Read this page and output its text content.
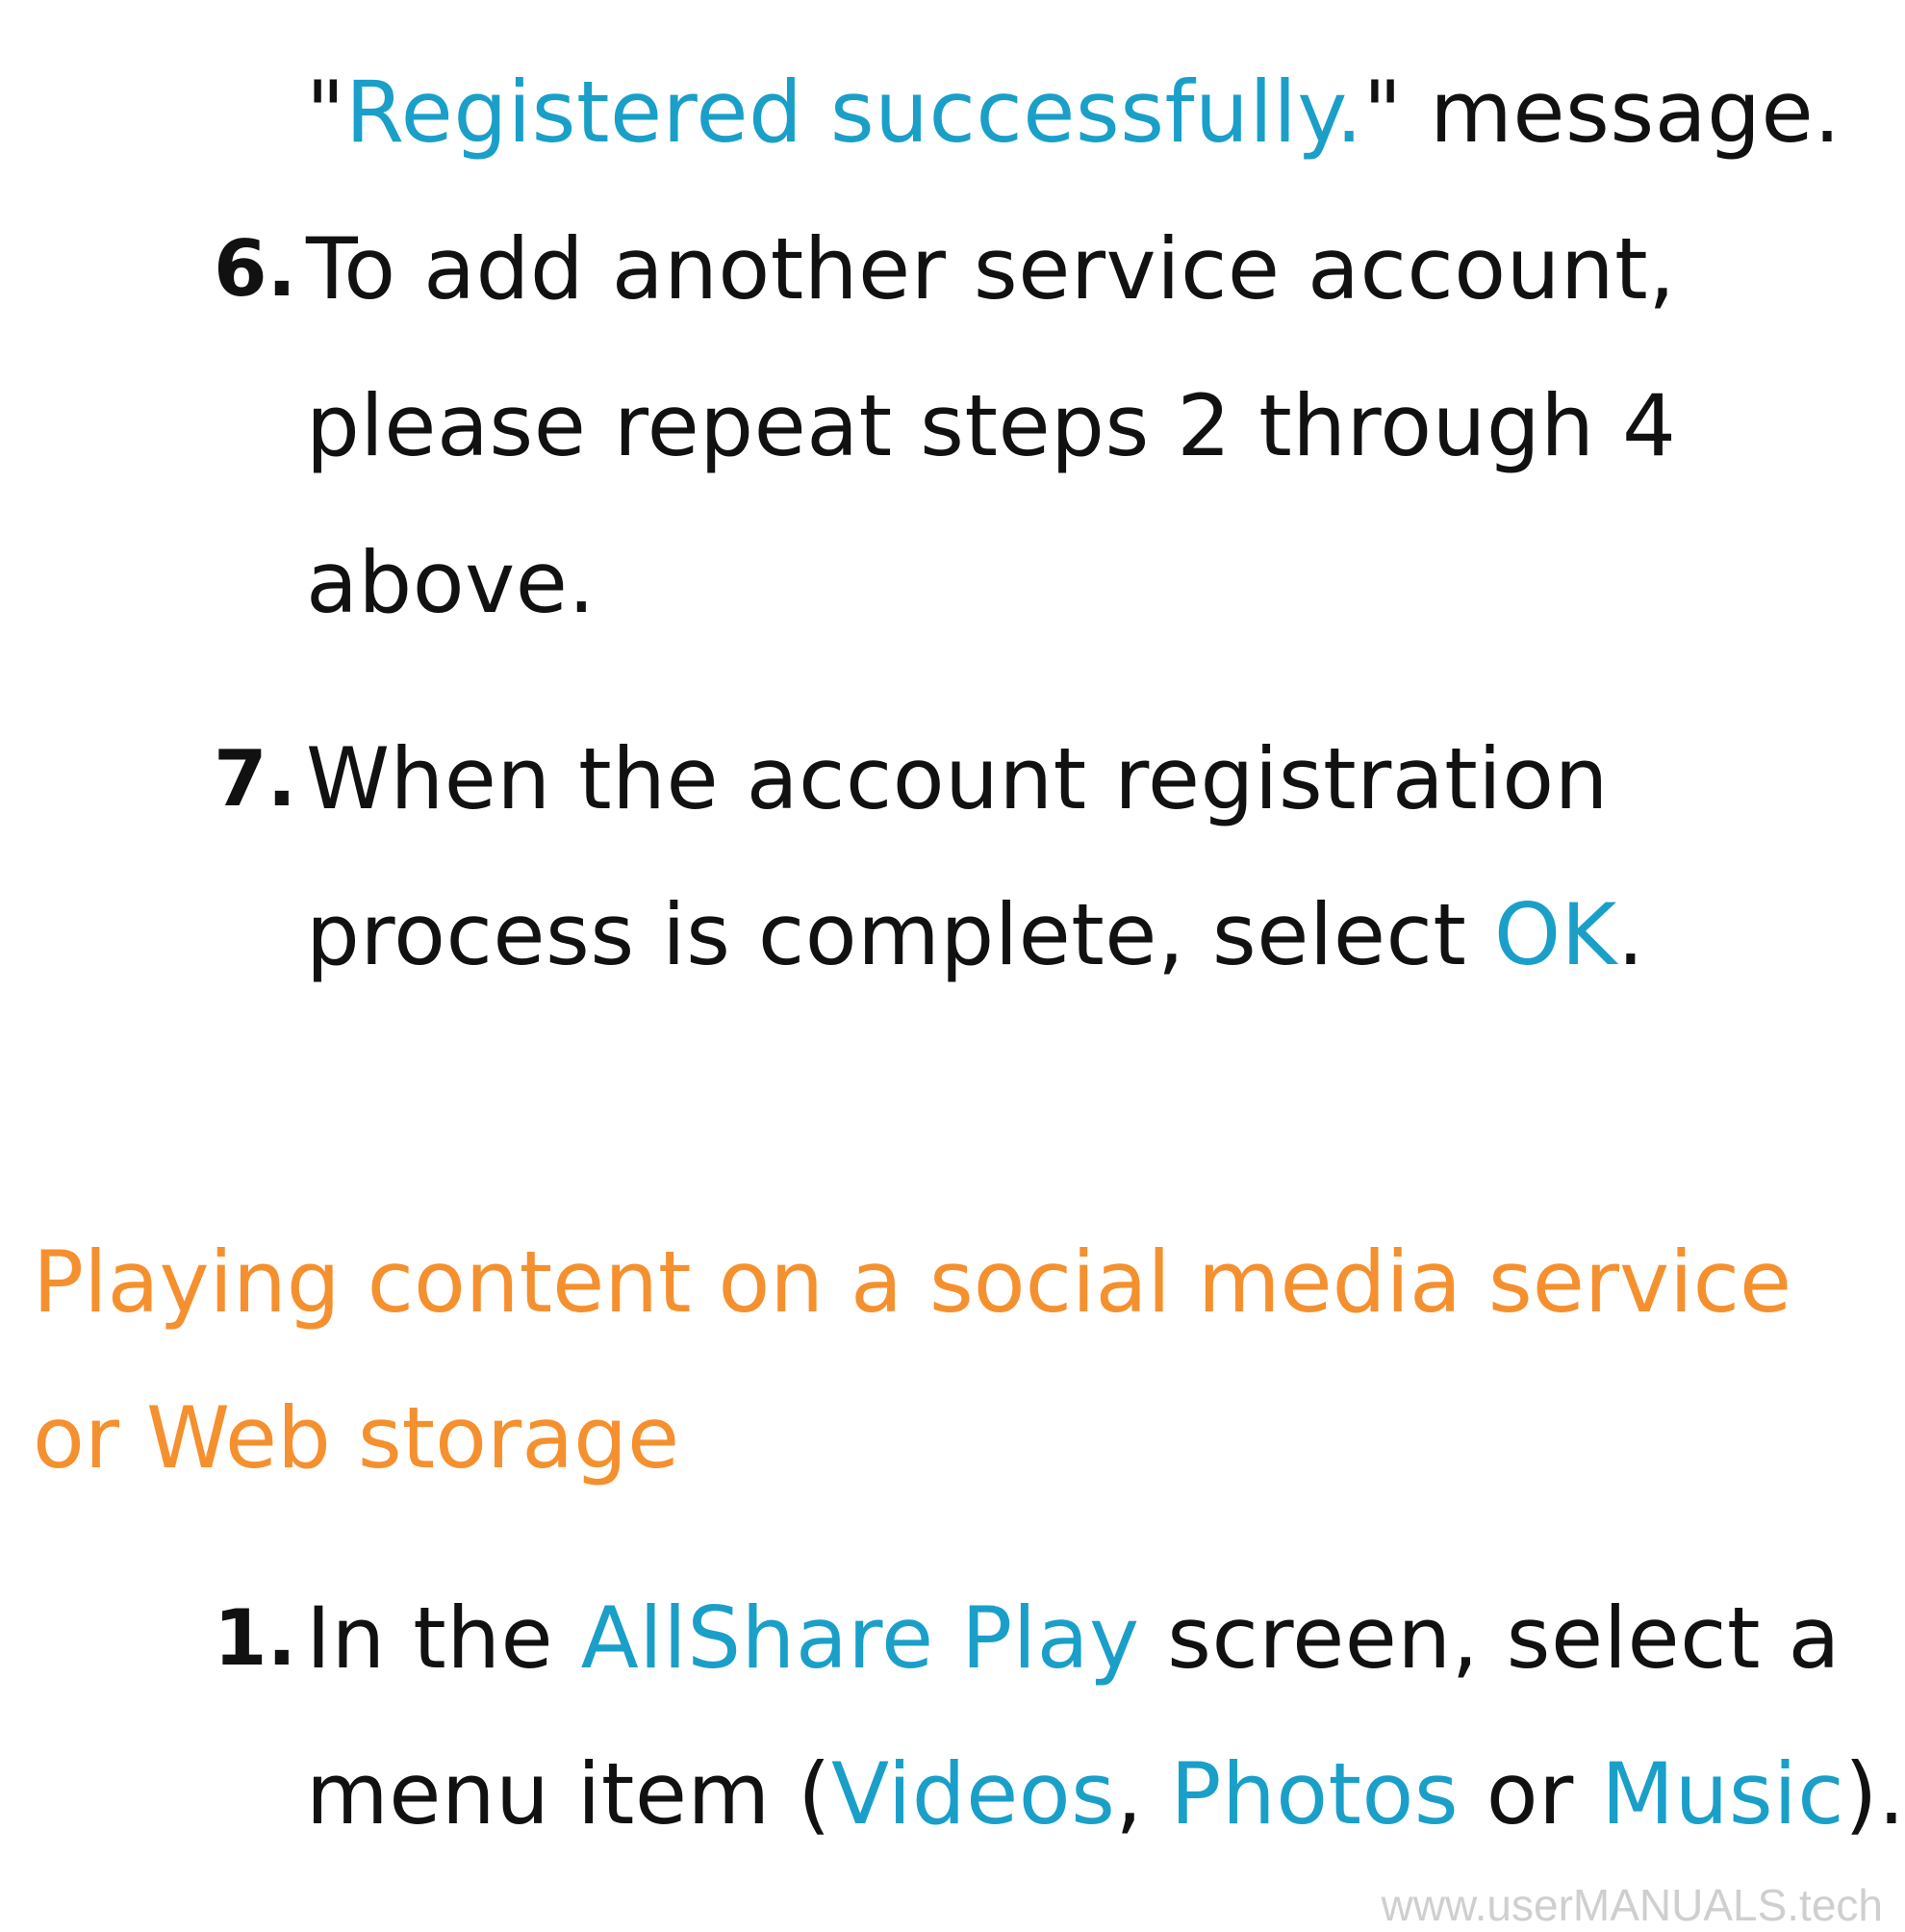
"Registered successfully." message.
6. To add another service account,
please repeat steps 2 through 4
above.
7. When the account registration
process is complete, select OK.
Playing content on a social media service
or Web storage
1. In the AllShare Play screen, select a
menu item (Videos, Photos or Music).
www.userMANUALS.tech
